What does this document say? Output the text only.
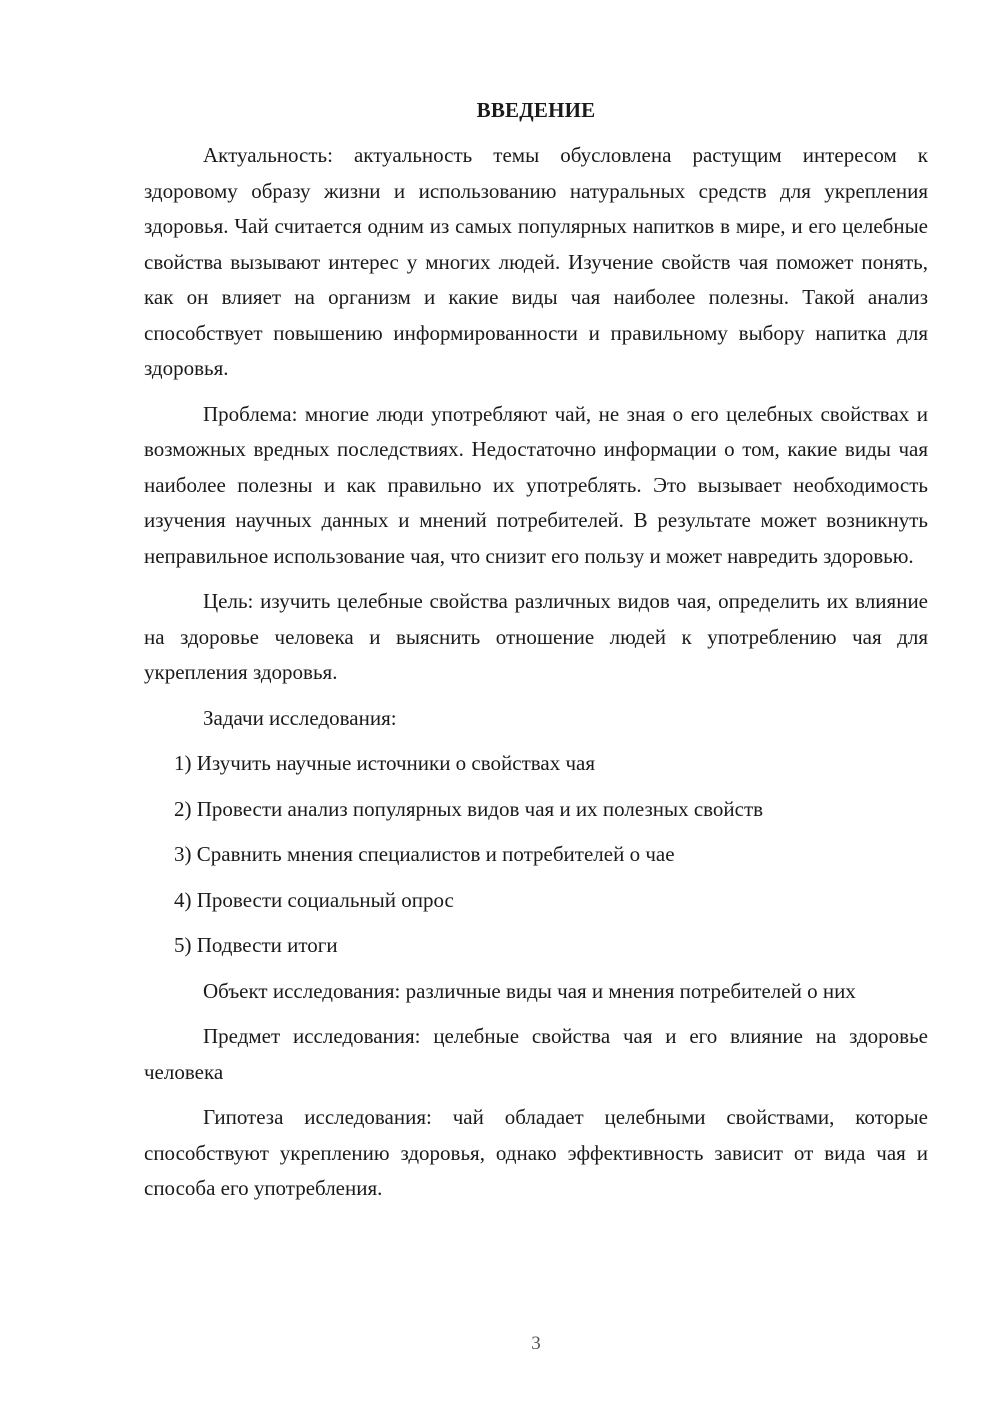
ВВЕДЕНИЕ

Актуальность: актуальность темы обусловлена растущим интересом к здоровому образу жизни и использованию натуральных средств для укрепления здоровья. Чай считается одним из самых популярных напитков в мире, и его целебные свойства вызывают интерес у многих людей. Изучение свойств чая поможет понять, как он влияет на организм и какие виды чая наиболее полезны. Такой анализ способствует повышению информированности и правильному выбору напитка для здоровья.

Проблема: многие люди употребляют чай, не зная о его целебных свойствах и возможных вредных последствиях. Недостаточно информации о том, какие виды чая наиболее полезны и как правильно их употреблять. Это вызывает необходимость изучения научных данных и мнений потребителей. В результате может возникнуть неправильное использование чая, что снизит его пользу и может навредить здоровью.

Цель: изучить целебные свойства различных видов чая, определить их влияние на здоровье человека и выяснить отношение людей к употреблению чая для укрепления здоровья.

Задачи исследования:

1) Изучить научные источники о свойствах чая

2) Провести анализ популярных видов чая и их полезных свойств

3) Сравнить мнения специалистов и потребителей о чае

4) Провести социальный опрос

5) Подвести итоги

Объект исследования: различные виды чая и мнения потребителей о них

Предмет исследования: целебные свойства чая и его влияние на здоровье человека

Гипотеза исследования: чай обладает целебными свойствами, которые способствуют укреплению здоровья, однако эффективность зависит от вида чая и способа его употребления.

3
